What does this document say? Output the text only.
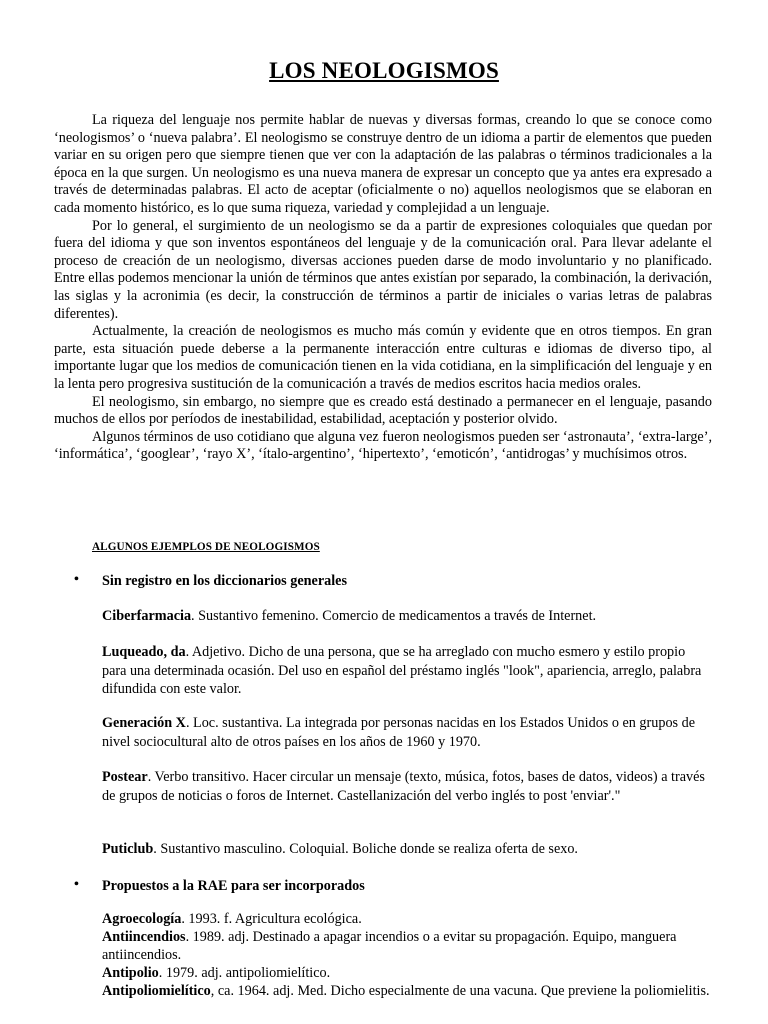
LOS NEOLOGISMOS

La riqueza del lenguaje nos permite hablar de nuevas y diversas formas, creando lo que se conoce como ‘neologismos’ o ‘nueva palabra’. El neologismo se construye dentro de un idioma a partir de elementos que pueden variar en su origen pero que siempre tienen que ver con la adaptación de las palabras o términos tradicionales a la época en la que surgen. Un neologismo es una nueva manera de expresar un concepto que ya antes era expresado a través de determinadas palabras. El acto de aceptar (oficialmente o no) aquellos neologismos que se elaboran en cada momento histórico, es lo que suma riqueza, variedad y complejidad a un lenguaje.

Por lo general, el surgimiento de un neologismo se da a partir de expresiones coloquiales que quedan por fuera del idioma y que son inventos espontáneos del lenguaje y de la comunicación oral. Para llevar adelante el proceso de creación de un neologismo, diversas acciones pueden darse de modo involuntario y no planificado. Entre ellas podemos mencionar la unión de términos que antes existían por separado, la combinación, la derivación, las siglas y la acronimia (es decir, la construcción de términos a partir de iniciales o varias letras de palabras diferentes).

Actualmente, la creación de neologismos es mucho más común y evidente que en otros tiempos. En gran parte, esta situación puede deberse a la permanente interacción entre culturas e idiomas de diverso tipo, al importante lugar que los medios de comunicación tienen en la vida cotidiana, en la simplificación del lenguaje y en la lenta pero progresiva sustitución de la comunicación a través de medios escritos hacia medios orales.

El neologismo, sin embargo, no siempre que es creado está destinado a permanecer en el lenguaje, pasando muchos de ellos por períodos de inestabilidad, estabilidad, aceptación y posterior olvido.

Algunos términos de uso cotidiano que alguna vez fueron neologismos pueden ser ‘astronauta’, ‘extra-large’, ‘informática’, ‘googlear’, ‘rayo X’, ‘ítalo-argentino’, ‘hipertexto’, ‘emoticón’, ‘antidrogas’ y muchísimos otros.

ALGUNOS EJEMPLOS DE NEOLOGISMOS
• Sin registro en los diccionarios generales
Ciberfarmacia. Sustantivo femenino. Comercio de medicamentos a través de Internet.
Luqueado, da. Adjetivo. Dicho de una persona, que se ha arreglado con mucho esmero y estilo propio para una determinada ocasión. Del uso en español del préstamo inglés "look", apariencia, arreglo, palabra difundida con este valor.
Generación X. Loc. sustantiva. La integrada por personas nacidas en los Estados Unidos o en grupos de nivel sociocultural alto de otros países en los años de 1960 y 1970.
Postear. Verbo transitivo. Hacer circular un mensaje (texto, música, fotos, bases de datos, videos) a través de grupos de noticias o foros de Internet. Castellanización del verbo inglés to post 'enviar'."
Puticlub. Sustantivo masculino. Coloquial. Boliche donde se realiza oferta de sexo.
• Propuestos a la RAE para ser incorporados
Agroecología. 1993. f. Agricultura ecológica.
Antiincendios. 1989. adj. Destinado a apagar incendios o a evitar su propagación. Equipo, manguera antiincendios.
Antipolio. 1979. adj. antipoliomielítico.
Antipoliomielítico, ca. 1964. adj. Med. Dicho especialmente de una vacuna. Que previene la poliomielitis.
